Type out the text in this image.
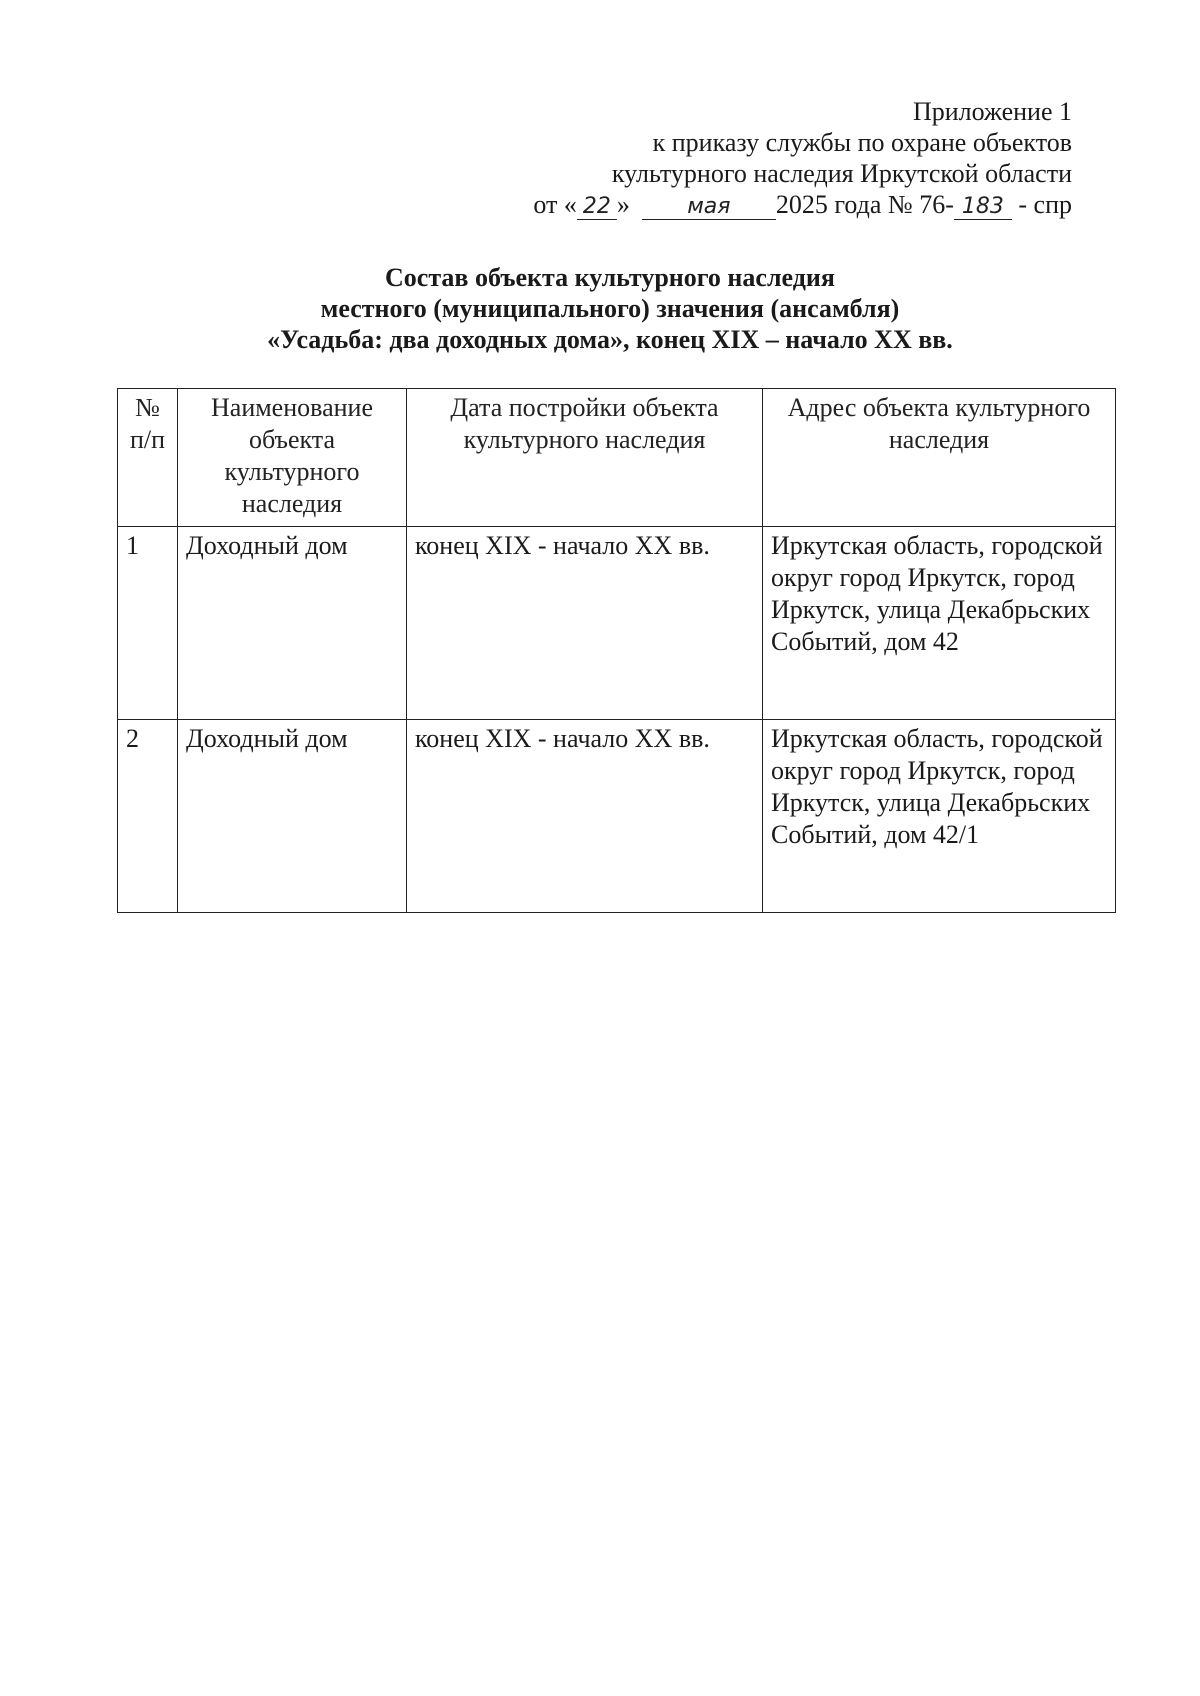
Приложение 1
к приказу службы по охране объектов
культурного наследия Иркутской области
от « 22 »	мая 2025 года № 76- 183 - спр
Состав объекта культурного наследия
местного (муниципального) значения (ансамбля)
«Усадьба: два доходных дома», конец XIX – начало XX вв.
№ п/п	Наименование объекта культурного наследия	Дата постройки объекта культурного наследия	Адрес объекта культурного наследия
1	Доходный дом	конец XIX - начало XX вв.	Иркутская область, городской округ город Иркутск, город Иркутск, улица Декабрьских Событий, дом 42
2	Доходный дом	конец XIX - начало XX вв.	Иркутская область, городской округ город Иркутск, город Иркутск, улица Декабрьских Событий, дом 42/1
